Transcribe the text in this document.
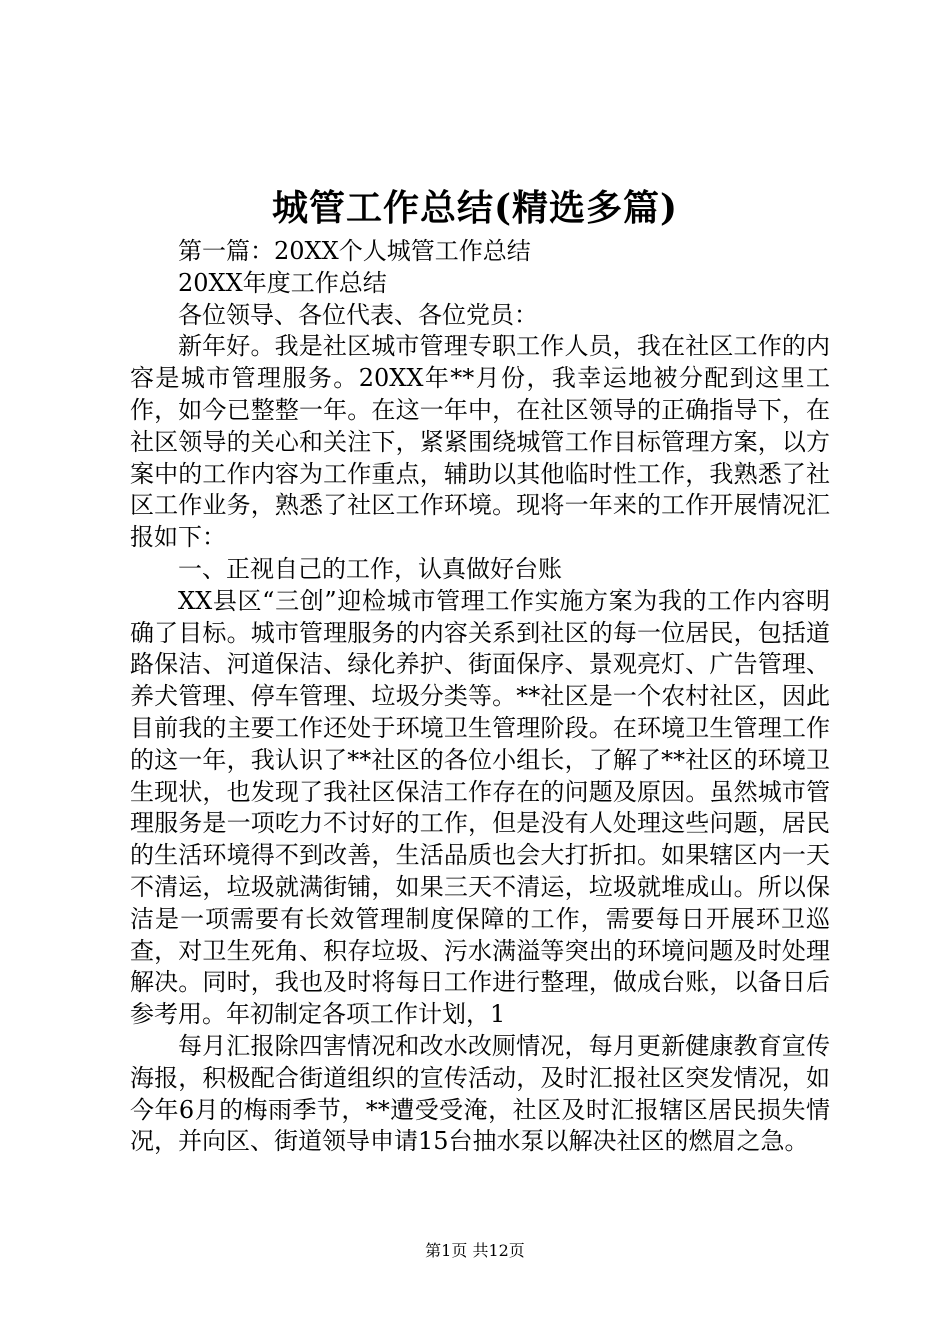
城管工作总结(精选多篇)

第一篇：20XX个人城管工作总结

20XX年度工作总结

各位领导、各位代表、各位党员：

新年好。我是社区城市管理专职工作人员，我在社区工作的内容是城市管理服务。20XX年**月份，我幸运地被分配到这里工作，如今已整整一年。在这一年中，在社区领导的正确指导下，在社区领导的关心和关注下，紧紧围绕城管工作目标管理方案，以方案中的工作内容为工作重点，辅助以其他临时性工作，我熟悉了社区工作业务，熟悉了社区工作环境。现将一年来的工作开展情况汇报如下：

一、正视自己的工作，认真做好台账

XX县区“三创”迎检城市管理工作实施方案为我的工作内容明确了目标。城市管理服务的内容关系到社区的每一位居民，包括道路保洁、河道保洁、绿化养护、街面保序、景观亮灯、广告管理、养犬管理、停车管理、垃圾分类等。**社区是一个农村社区，因此目前我的主要工作还处于环境卫生管理阶段。在环境卫生管理工作的这一年，我认识了**社区的各位小组长，了解了**社区的环境卫生现状，也发现了我社区保洁工作存在的问题及原因。虽然城市管理服务是一项吃力不讨好的工作，但是没有人处理这些问题，居民的生活环境得不到改善，生活品质也会大打折扣。如果辖区内一天不清运，垃圾就满街铺，如果三天不清运，垃圾就堆成山。所以保洁是一项需要有长效管理制度保障的工作，需要每日开展环卫巡查，对卫生死角、积存垃圾、污水满溢等突出的环境问题及时处理解决。同时，我也及时将每日工作进行整理，做成台账，以备日后参考用。年初制定各项工作计划，1

每月汇报除四害情况和改水改厕情况，每月更新健康教育宣传海报，积极配合街道组织的宣传活动，及时汇报社区突发情况，如今年6月的梅雨季节，**遭受受淹，社区及时汇报辖区居民损失情况，并向区、街道领导申请15台抽水泵以解决社区的燃眉之急。

第1页 共12页
